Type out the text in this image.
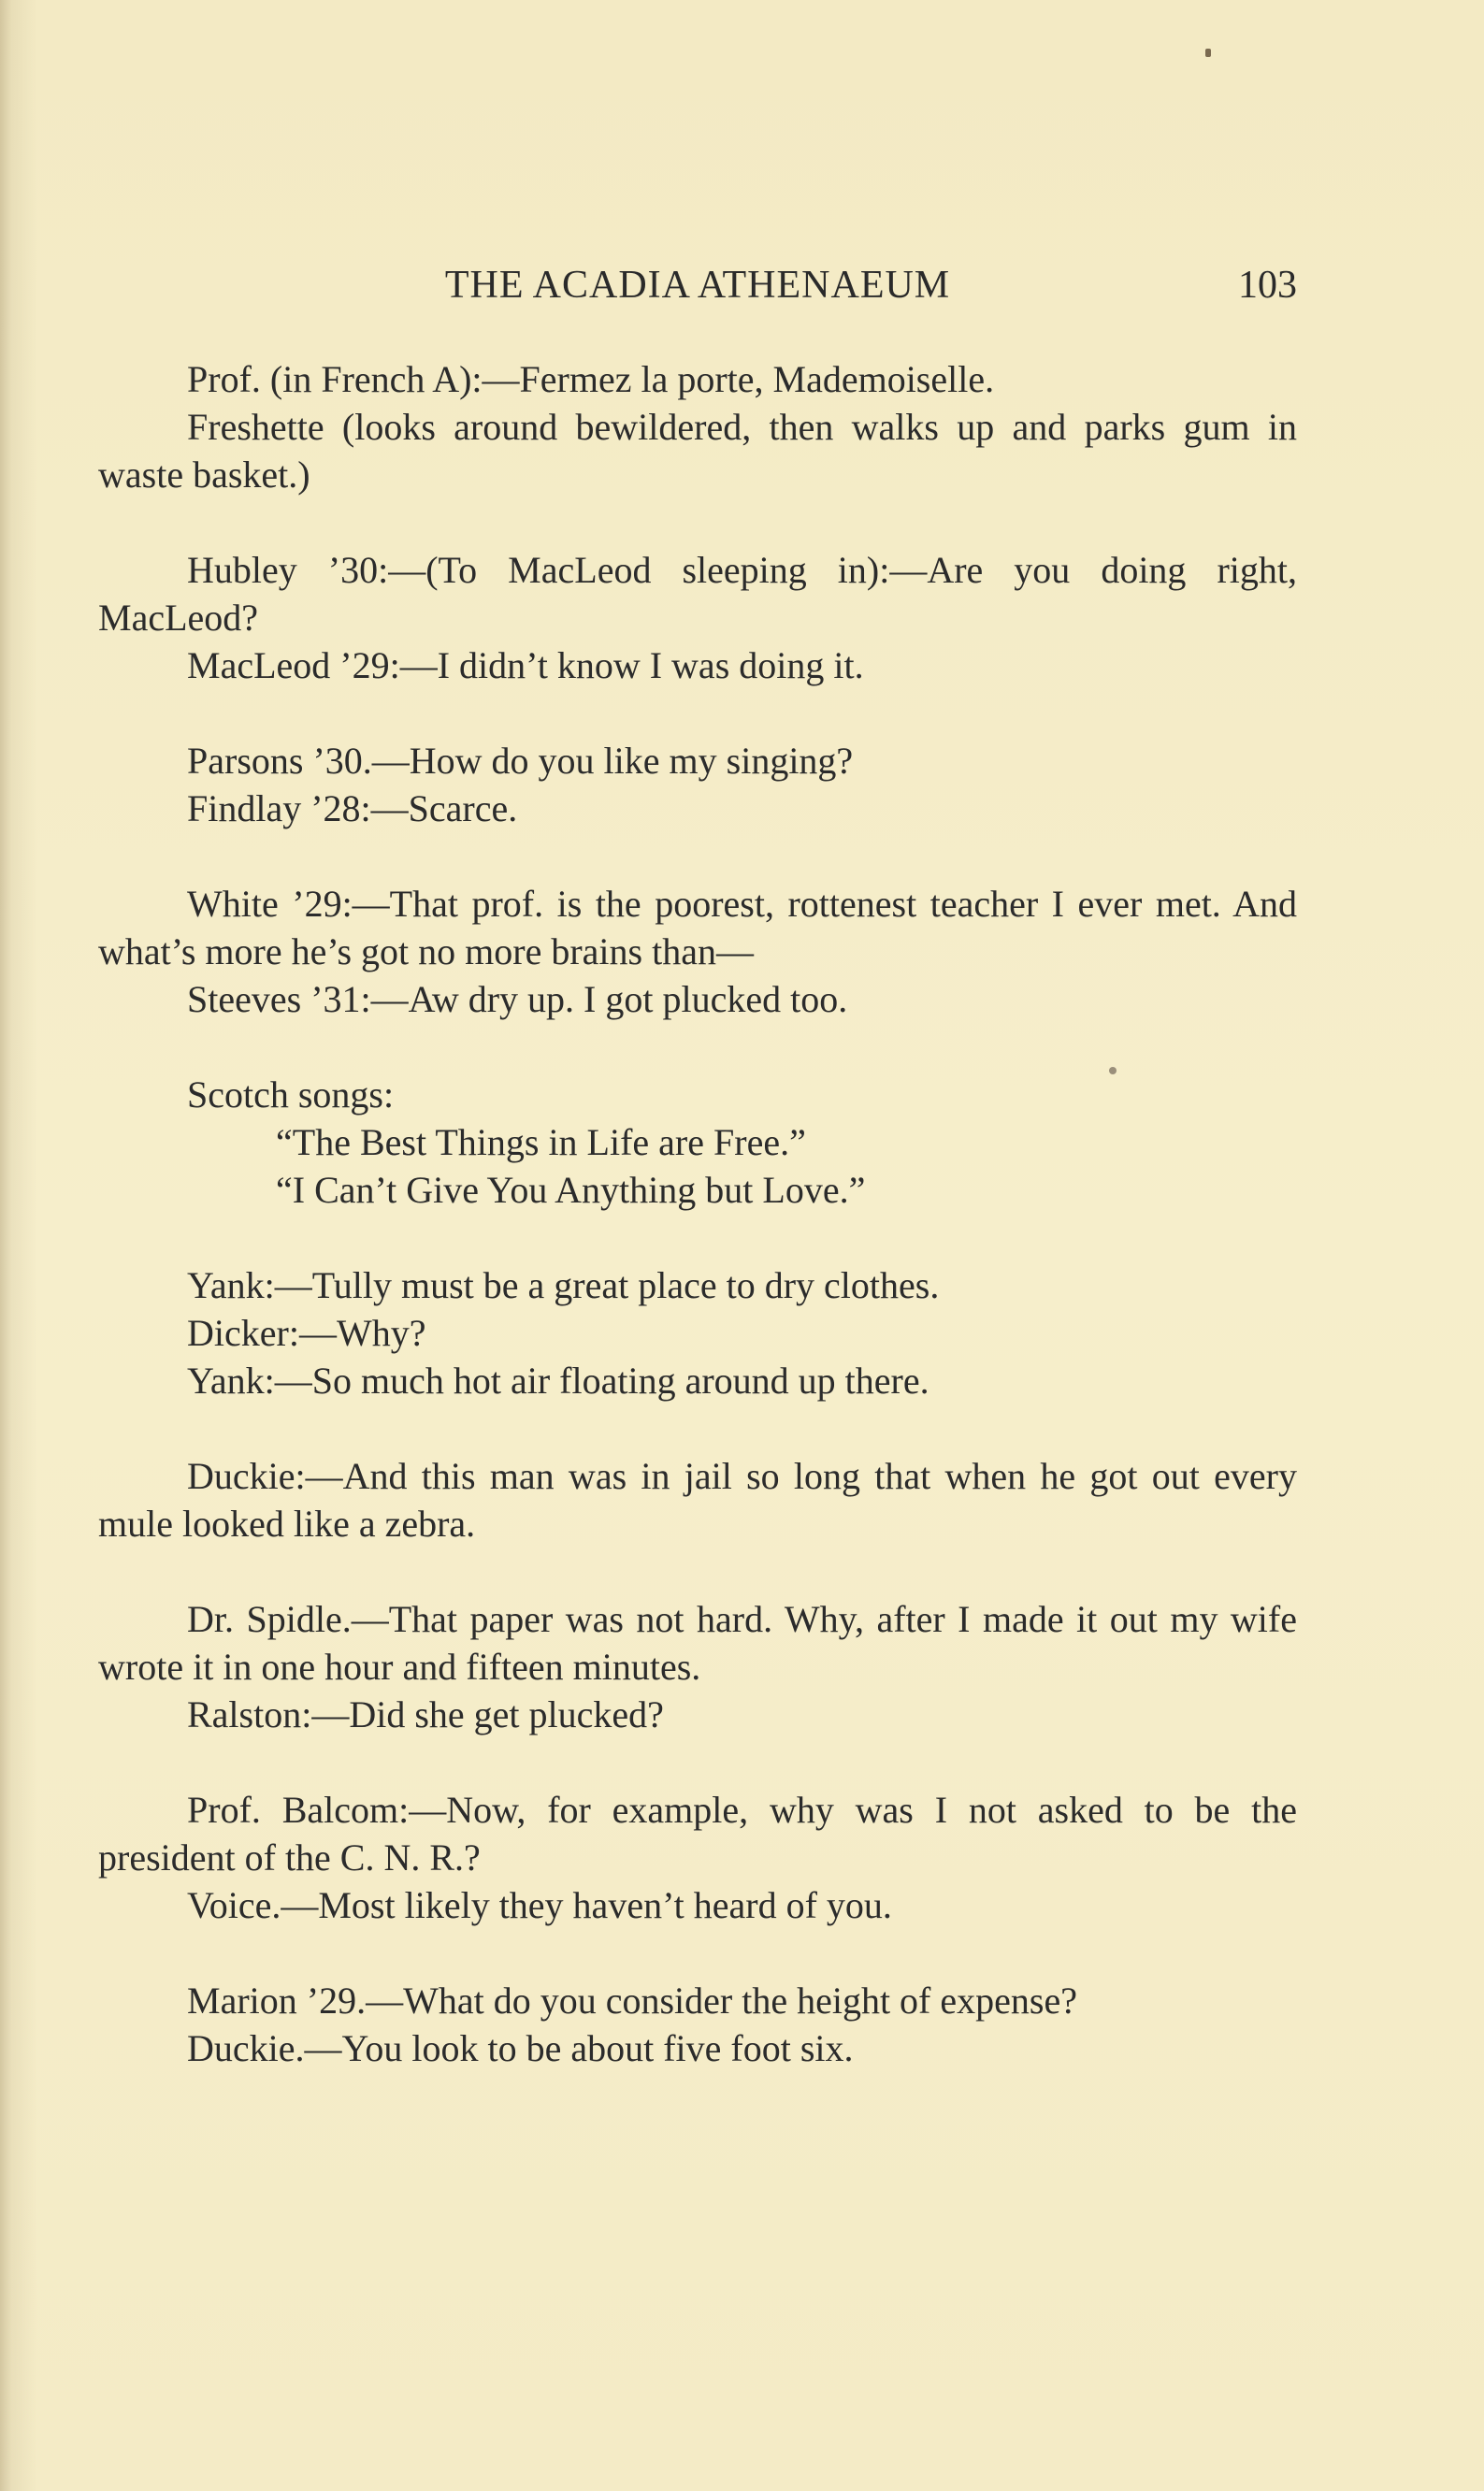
THE ACADIA ATHENAEUM	103

Prof. (in French A):—Fermez la porte, Mademoiselle.

Freshette (looks around bewildered, then walks up and parks gum in waste basket.)

Hubley ’30:—(To MacLeod sleeping in):—Are you doing right, MacLeod?

MacLeod ’29:—I didn’t know I was doing it.

Parsons ’30.—How do you like my singing?

Findlay ’28:—Scarce.

White ’29:—That prof. is the poorest, rottenest teacher I ever met. And what’s more he’s got no more brains than—

Steeves ’31:—Aw dry up. I got plucked too.

Scotch songs:

“The Best Things in Life are Free.”

“I Can’t Give You Anything but Love.”

Yank:—Tully must be a great place to dry clothes.

Dicker:—Why?

Yank:—So much hot air floating around up there.

Duckie:—And this man was in jail so long that when he got out every mule looked like a zebra.

Dr. Spidle.—That paper was not hard. Why, after I made it out my wife wrote it in one hour and fifteen minutes.

Ralston:—Did she get plucked?

Prof. Balcom:—Now, for example, why was I not asked to be the president of the C. N. R.?

Voice.—Most likely they haven’t heard of you.

Marion ’29.—What do you consider the height of expense?

Duckie.—You look to be about five foot six.
